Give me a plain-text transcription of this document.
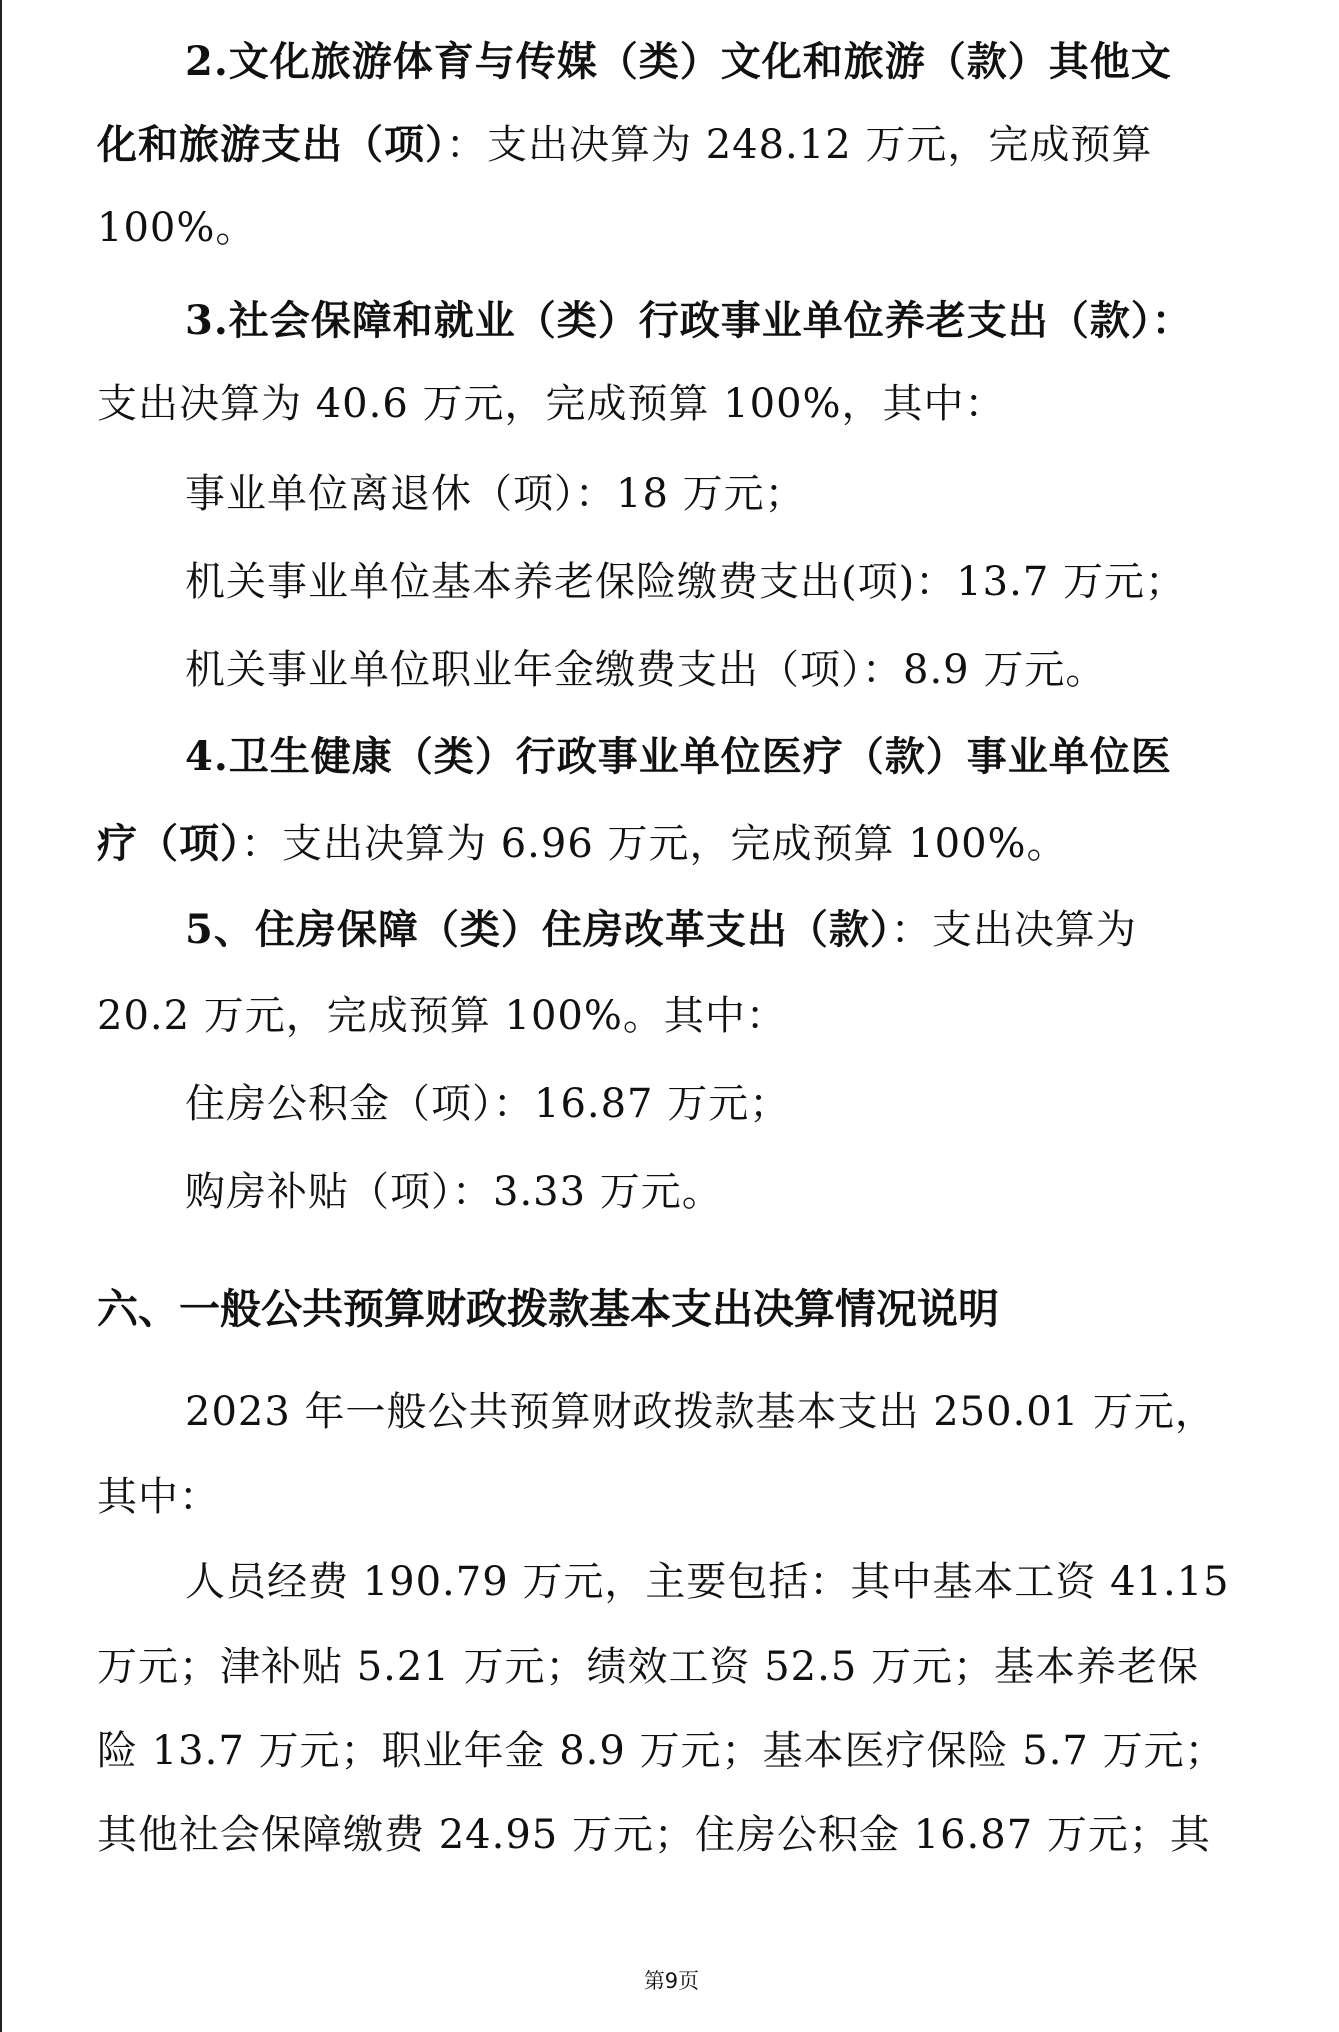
2.文化旅游体育与传媒（类）文化和旅游（款）其他文
化和旅游支出（项）：支出决算为 248.12 万元，完成预算
100%。
3.社会保障和就业（类）行政事业单位养老支出（款）：
支出决算为 40.6 万元，完成预算 100%，其中：
事业单位离退休（项）：18 万元；
机关事业单位基本养老保险缴费支出(项)：13.7 万元；
机关事业单位职业年金缴费支出（项）：8.9 万元。
4.卫生健康（类）行政事业单位医疗（款）事业单位医
疗（项）：支出决算为 6.96 万元，完成预算 100%。
5、住房保障（类）住房改革支出（款）：支出决算为
20.2 万元，完成预算 100%。其中：
住房公积金（项）：16.87 万元；
购房补贴（项）：3.33 万元。
六、一般公共预算财政拨款基本支出决算情况说明
2023 年一般公共预算财政拨款基本支出 250.01 万元，
其中：
人员经费 190.79 万元，主要包括：其中基本工资 41.15
万元；津补贴 5.21 万元；绩效工资 52.5 万元；基本养老保
险 13.7 万元；职业年金 8.9 万元；基本医疗保险 5.7 万元；
其他社会保障缴费 24.95 万元；住房公积金 16.87 万元；其
第9页
